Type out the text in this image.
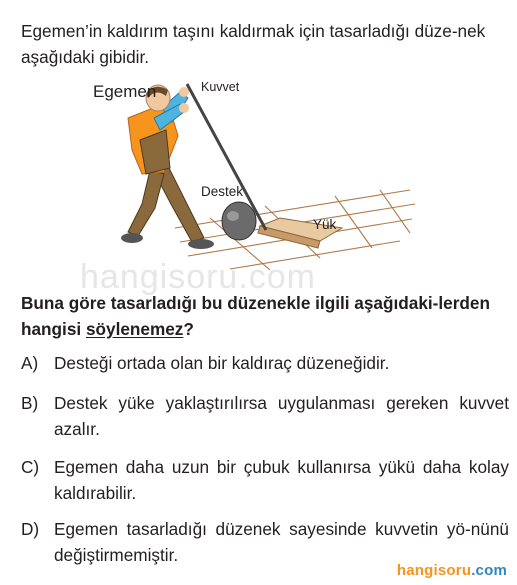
Egemen’in kaldırım taşını kaldırmak için tasarladığı düze-nek aşağıdaki gibidir.

Egemen	Kuvvet
Destek
Yük

hangisoru.com

Buna göre tasarladığı bu düzenekle ilgili aşağıdaki-lerden hangisi söylenemez?

A) Desteği ortada olan bir kaldıraç düzeneğidir.
B) Destek yüke yaklaştırılırsa uygulanması gereken kuvvet azalır.
C) Egemen daha uzun bir çubuk kullanırsa yükü daha kolay kaldırabilir.
D) Egemen tasarladığı düzenek sayesinde kuvvetin yö-nünü değiştirmemiştir.
hangisoru.com
